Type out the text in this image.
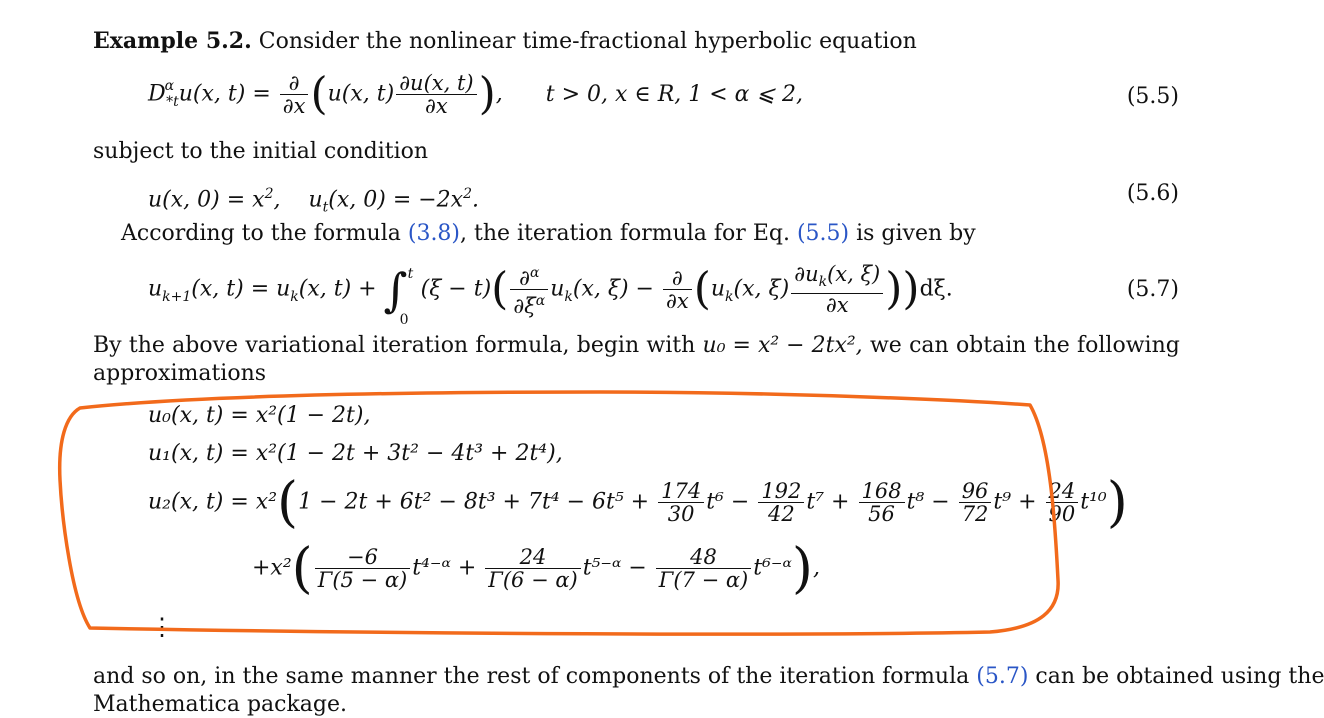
Example 5.2. Consider the nonlinear time-fractional hyperbolic equation
$D^\alpha_{*t}u(x$, $t) = \frac{\partial}{\partial x} (u(x$, $t) \frac{\partial u(x, t)}{\partial x}$ ), t > 0, x ∈ R, 1 < α ⩽ 2,	(5.5)
subject to the initial condition
u(x, $0) = x^2$,    $u_t(x$, $0) = -2x^2$.	(5.6)
According to the formula (3.8), the iteration formula for Eq. (5.5) is given by
$u_{k+1}(x$, $t) = u_k(x$, t) + ∫ t
0
$(\xi - t)( \frac{\partial^\alpha}{\partial\xi^\alpha} u_k(x$, $\xi) - \frac{\partial}{\partial x} (u_k(x$, $\xi) \frac{\partial u_k(x, \xi)}{\partial x} ))d\xi$.	(5.7)
By the above variational iteration formula, begin with u₀ = x² − 2tx², we can obtain the following
approximations
u₀(x, t) = x²(1 − 2t),
u₁(x, t) = x²(1 − 2t + 3t² − 4t³ + 2t⁴),
u₂(x, $t) = x^2(1 - 2t + 6t^2 - 8t^3 + 7t^4 - 6t^5 + \frac{174}{30} t^6 - \frac{192}{42} t^7 + \frac{168}{56} t^8 - \frac{96}{72} t^9 + \frac{24}{90} t^{10})$
$+x^2( \frac{-6}{\Gamma(5 - \alpha)}$ t⁴⁻ᵅ + $\frac{24}{\Gamma(6 - \alpha)}$ t⁵⁻ᵅ − $\frac{48}{\Gamma(7 - \alpha)}$ t⁶⁻ᵅ),
⋮
and so on, in the same manner the rest of components of the iteration formula (5.7) can be obtained using the
Mathematica package.
